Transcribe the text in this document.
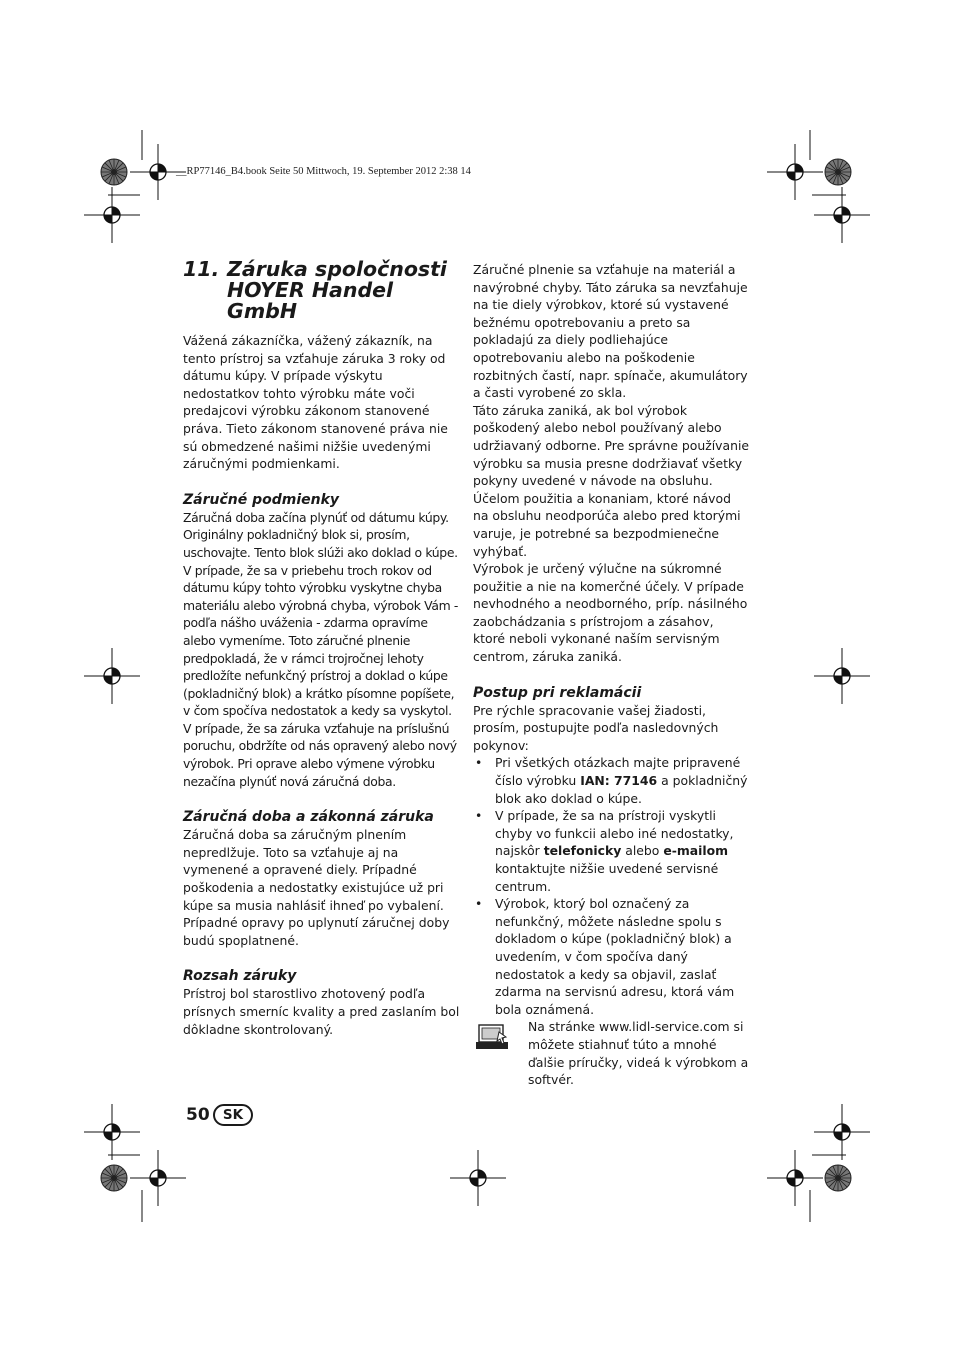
__RP77146_B4.book Seite 50 Mittwoch, 19. September 2012 2:38 14
11. Záruka spoločnosti
HOYER Handel GmbH

Vážená zákazníčka, vážený zákazník, na tento prístroj sa vzťahuje záruka 3 roky od dátumu kúpy. V prípade výskytu nedostatkov tohto výrobku máte voči predajcovi výrobku zákonom stanovené práva. Tieto zákonom stanovené práva nie sú obmedzené našimi nižšie uvedenými záručnými podmienkami.

Záručné podmienky

Záručná doba začína plynúť od dátumu kúpy. Originálny pokladničný blok si, prosím, uschovajte. Tento blok slúži ako doklad o kúpe.

V prípade, že sa v priebehu troch rokov od dátumu kúpy tohto výrobku vyskytne chyba materiálu alebo výrobná chyba, výrobok Vám - podľa nášho uváženia - zdarma opravíme alebo vymeníme. Toto záručné plnenie predpokladá, že v rámci trojročnej lehoty predložíte nefunkčný prístroj a doklad o kúpe (pokladničný blok) a krátko písomne popíšete, v čom spočíva nedostatok a kedy sa vyskytol.

V prípade, že sa záruka vzťahuje na príslušnú poruchu, obdržíte od nás opravený alebo nový výrobok. Pri oprave alebo výmene výrobku nezačína plynúť nová záručná doba.

Záručná doba a zákonná záruka

Záručná doba sa záručným plnením nepredlžuje. Toto sa vzťahuje aj na vymenené a opravené diely. Prípadné poškodenia a nedostatky existujúce už pri kúpe sa musia nahlásiť ihneď po vybalení. Prípadné opravy po uplynutí záručnej doby budú spoplatnené.

Rozsah záruky

Prístroj bol starostlivo zhotovený podľa prísnych smerníc kvality a pred zaslaním bol dôkladne skontrolovaný.

Záručné plnenie sa vzťahuje na materiál a navýrobné chyby. Táto záruka sa nevzťahuje na tie diely výrobkov, ktoré sú vystavené bežnému opotrebovaniu a preto sa pokladajú za diely podliehajúce opotrebovaniu alebo na poškodenie rozbitných častí, napr. spínače, akumulátory a časti vyrobené zo skla.

Táto záruka zaniká, ak bol výrobok poškodený alebo nebol používaný alebo udržiavaný odborne. Pre správne používanie výrobku sa musia presne dodržiavať všetky pokyny uvedené v návode na obsluhu. Účelom použitia a konaniam, ktoré návod na obsluhu neodporúča alebo pred ktorými varuje, je potrebné sa bezpodmienečne vyhýbať.

Výrobok je určený výlučne na súkromné použitie a nie na komerčné účely. V prípade nevhodného a neodborného, príp. násilného zaobchádzania s prístrojom a zásahov, ktoré neboli vykonané naším servisným centrom, záruka zaniká.

Postup pri reklamácii

Pre rýchle spracovanie vašej žiadosti, prosím, postupujte podľa nasledovných pokynov:

• Pri všetkých otázkach majte pripravené číslo výrobku IAN: 77146 a pokladničný blok ako doklad o kúpe.
• V prípade, že sa na prístroji vyskytli chyby vo funkcii alebo iné nedostatky, najskôr telefonicky alebo e-mailom kontaktujte nižšie uvedené servisné centrum.
• Výrobok, ktorý bol označený za nefunkčný, môžete následne spolu s dokladom o kúpe (pokladničný blok) a uvedením, v čom spočíva daný nedostatok a kedy sa objavil, zaslať zdarma na servisnú adresu, ktorá vám bola oznámená.

Na stránke www.lidl-service.com si môžete stiahnuť túto a mnohé ďalšie príručky, videá k výrobkom a softvér.

50 SK
